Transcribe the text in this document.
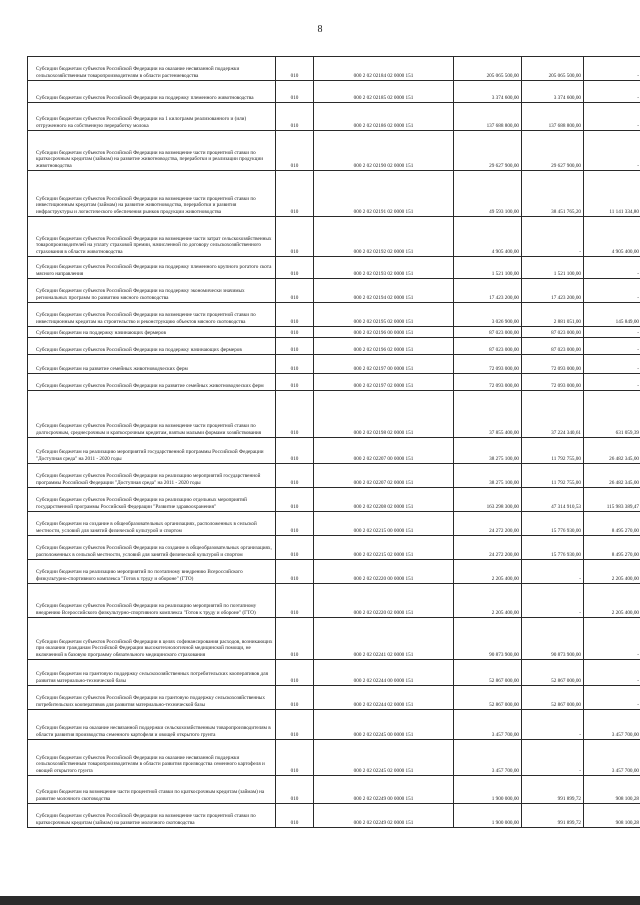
8
Субсидии бюджетам субъектов Российской Федерации на оказание несвязанной поддержки сельскохозяйственным товаропроизводителям в области растениеводства	010	000 2 02 02184 02 0000 151	205 065 500,00	205 065 500,00	-

Субсидии бюджетам субъектов Российской Федерации на поддержку племенного животноводства	010	000 2 02 02185 02 0000 151	3 374 600,00	3 374 600,00	-

Субсидии бюджетам субъектов Российской Федерации на 1 килограмм реализованного и (или) отгруженного на собственную переработку молока	010	000 2 02 02186 02 0000 151	137 688 800,00	137 688 800,00	-

Субсидии бюджетам субъектов Российской Федерации на возмещение части процентной ставки по краткосрочным кредитам (займам) на развитие животноводства, переработки и реализации продукции животноводства	010	000 2 02 02190 02 0000 151	29 627 900,00	29 627 900,00	-

Субсидии бюджетам субъектов Российской Федерации на возмещение части процентной ставки по инвестиционным кредитам (займам) на развитие животноводства, переработки и развития инфраструктуры и логистического обеспечения рынков продукции животноводства	010	000 2 02 02191 02 0000 151	49 593 100,00	38 451 765,20	11 141 334,80

Субсидии бюджетам субъектов Российской Федерации на возмещение части затрат сельскохозяйственных товаропроизводителей на уплату страховой премии, начисленной по договору сельскохозяйственного страхования в области животноводства	010	000 2 02 02192 02 0000 151	4 905 400,00	-	4 905 400,00

Субсидии бюджетам субъектов Российской Федерации на поддержку племенного крупного рогатого скота мясного направления	010	000 2 02 02193 02 0000 151	1 521 100,00	1 521 100,00	-

Субсидии бюджетам субъектов Российской Федерации на поддержку экономически значимых региональных программ по развитию мясного скотоводства	010	000 2 02 02194 02 0000 151	17 423 200,00	17 423 200,00	-

Субсидии бюджетам субъектов Российской Федерации на возмещение части процентной ставки по инвестиционным кредитам на строительство и реконструкцию объектов мясного скотоводства	010	000 2 02 02195 02 0000 151	3 026 900,00	2 881 051,00	145 849,00

Субсидии бюджетам на поддержку начинающих фермеров	010	000 2 02 02196 00 0000 151	87 023 000,00	87 023 000,00	-

Субсидии бюджетам субъектов Российской Федерации на поддержку начинающих фермеров	010	000 2 02 02196 02 0000 151	87 023 000,00	87 023 000,00	-

Субсидии бюджетам на развитие семейных животноводческих ферм	010	000 2 02 02197 00 0000 151	72 093 000,00	72 093 000,00	-

Субсидии бюджетам субъектов Российской Федерации на развитие семейных животноводческих ферм	010	000 2 02 02197 02 0000 151	72 093 000,00	72 093 000,00	-

Субсидии бюджетам субъектов Российской Федерации на возмещение части процентной ставки по долгосрочным, среднесрочным и краткосрочным кредитам, взятым малыми формами хозяйствования	010	000 2 02 02198 02 0000 151	37 855 400,00	37 224 340,61	631 059,39

Субсидии бюджетам на реализацию мероприятий государственной программы Российской Федерации "Доступная среда" на 2011 - 2020 годы	010	000 2 02 02207 00 0000 151	38 275 100,00	11 792 755,00	26 482 345,00

Субсидии бюджетам субъектов Российской Федерации на реализацию мероприятий государственной программы Российской Федерации "Доступная среда" на 2011 - 2020 годы	010	000 2 02 02207 02 0000 151	38 275 100,00	11 792 755,00	26 482 345,00

Субсидии бюджетам субъектов Российской Федерации на реализацию отдельных мероприятий государственной программы Российской Федерации "Развитие здравоохранения"	010	000 2 02 02208 02 0000 151	163 298 300,00	47 314 910,53	115 983 389,47

Субсидии бюджетам на создание в общеобразовательных организациях, расположенных в сельской местности, условий для занятий физической культурой и спортом	010	000 2 02 02215 00 0000 151	24 272 200,00	15 776 930,00	8 495 270,00

Субсидии бюджетам субъектов Российской Федерации на создание в общеобразовательных организациях, расположенных в сельской местности, условий для занятий физической культурой и спортом	010	000 2 02 02215 02 0000 151	24 272 200,00	15 776 930,00	8 495 270,00

Субсидии бюджетам на реализацию мероприятий по поэтапному внедрению Всероссийского физкультурно-спортивного комплекса "Готов к труду и обороне" (ГТО)	010	000 2 02 02220 00 0000 151	2 205 400,00	-	2 205 400,00

Субсидии бюджетам субъектов Российской Федерации на реализацию мероприятий по поэтапному внедрению Всероссийского физкультурно-спортивного комплекса "Готов к труду и обороне" (ГТО)	010	000 2 02 02220 02 0000 151	2 205 400,00	-	2 205 400,00

Субсидии бюджетам субъектов Российской Федерации в целях софинансирования расходов, возникающих при оказании гражданам Российской Федерации высокотехнологичной медицинской помощи, не включенной в базовую программу обязательного медицинского страхования	010	000 2 02 02241 02 0000 151	90 873 900,00	90 873 900,00	-

Субсидии бюджетам на грантовую поддержку сельскохозяйственных потребительских кооперативов для развития материально-технической базы	010	000 2 02 02244 00 0000 151	52 867 000,00	52 867 000,00	-

Субсидии бюджетам субъектов Российской Федерации на грантовую поддержку сельскохозяйственных потребительских кооперативов для развития материально-технической базы	010	000 2 02 02244 02 0000 151	52 867 000,00	52 867 000,00	-

Субсидии бюджетам на оказание несвязанной поддержки сельскохозяйственным товаропроизводителям в области развития производства семенного картофеля и овощей открытого грунта	010	000 2 02 02245 00 0000 151	3 457 700,00	-	3 457 700,00

Субсидии бюджетам субъектов Российской Федерации на оказание несвязанной поддержки сельскохозяйственным товаропроизводителям в области развития производства семенного картофеля и овощей открытого грунта	010	000 2 02 02245 02 0000 151	3 457 700,00	-	3 457 700,00

Субсидии бюджетам на возмещение части процентной ставки по краткосрочным кредитам (займам) на развитие молочного скотоводства	010	000 2 02 02249 00 0000 151	1 900 000,00	991 899,72	908 100,28

Субсидии бюджетам субъектов Российской Федерации на возмещение части процентной ставки по краткосрочным кредитам (займам) на развитие молочного скотоводства	010	000 2 02 02249 02 0000 151	1 900 000,00	991 899,72	908 100,28
